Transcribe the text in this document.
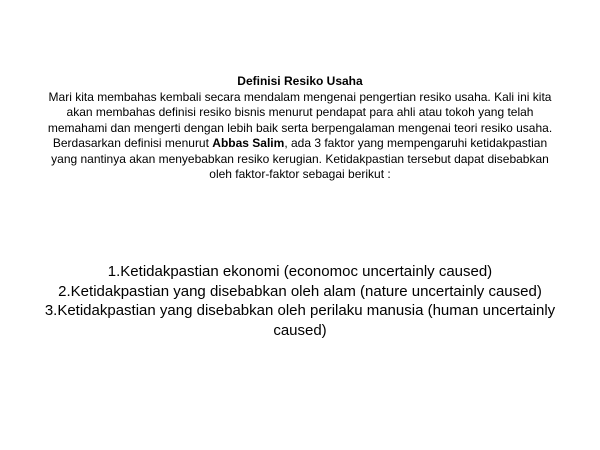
Definisi Resiko Usaha
Mari kita membahas kembali secara mendalam mengenai pengertian resiko usaha. Kali ini kita akan membahas definisi resiko bisnis menurut pendapat para ahli atau tokoh yang telah memahami dan mengerti dengan lebih baik serta berpengalaman mengenai teori resiko usaha. Berdasarkan definisi menurut Abbas Salim, ada 3 faktor yang mempengaruhi ketidakpastian yang nantinya akan menyebabkan resiko kerugian. Ketidakpastian tersebut dapat disebabkan oleh faktor-faktor sebagai berikut :

1.Ketidakpastian ekonomi (economoc uncertainly caused)

2.Ketidakpastian yang disebabkan oleh alam (nature uncertainly caused)

3.Ketidakpastian yang disebabkan oleh perilaku manusia (human uncertainly caused)
